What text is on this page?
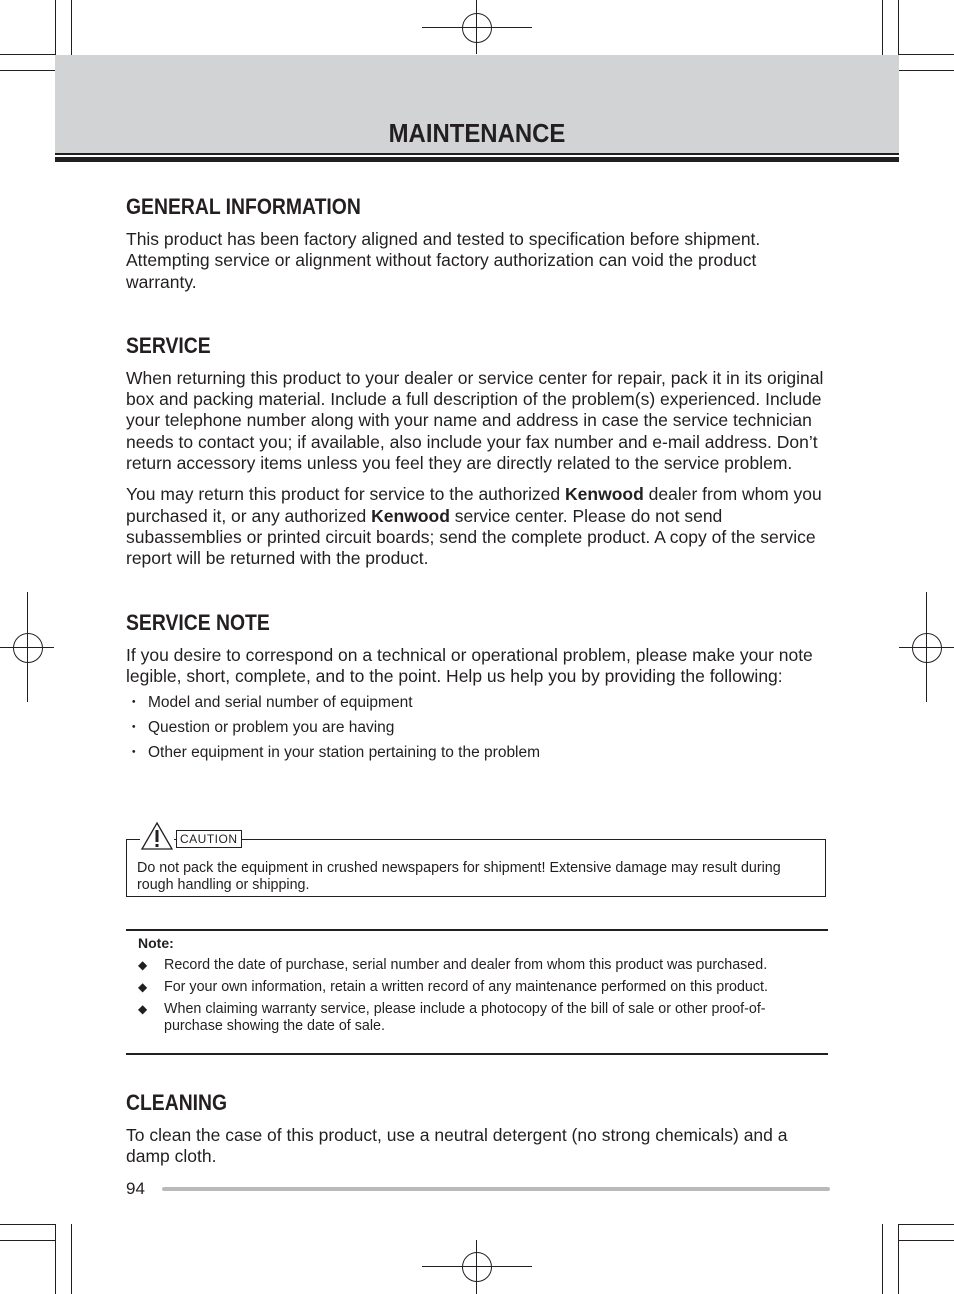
MAINTENANCE
GENERAL INFORMATION

This product has been factory aligned and tested to specification before shipment. Attempting service or alignment without factory authorization can void the product warranty.

SERVICE

When returning this product to your dealer or service center for repair, pack it in its original box and packing material. Include a full description of the problem(s) experienced. Include your telephone number along with your name and address in case the service technician needs to contact you; if available, also include your fax number and e-mail address. Don’t return accessory items unless you feel they are directly related to the service problem.

You may return this product for service to the authorized Kenwood dealer from whom you purchased it, or any authorized Kenwood service center. Please do not send subassemblies or printed circuit boards; send the complete product. A copy of the service report will be returned with the product.

SERVICE NOTE

If you desire to correspond on a technical or operational problem, please make your note legible, short, complete, and to the point. Help us help you by providing the following:

・ Model and serial number of equipment
・ Question or problem you are having
・ Other equipment in your station pertaining to the problem
CAUTION
Do not pack the equipment in crushed newspapers for shipment! Extensive damage may result during rough handling or shipping.
Note:
◆ Record the date of purchase, serial number and dealer from whom this product was purchased.
◆ For your own information, retain a written record of any maintenance performed on this product.
◆ When claiming warranty service, please include a photocopy of the bill of sale or other proof-of-purchase showing the date of sale.
CLEANING

To clean the case of this product, use a neutral detergent (no strong chemicals) and a damp cloth.

94
